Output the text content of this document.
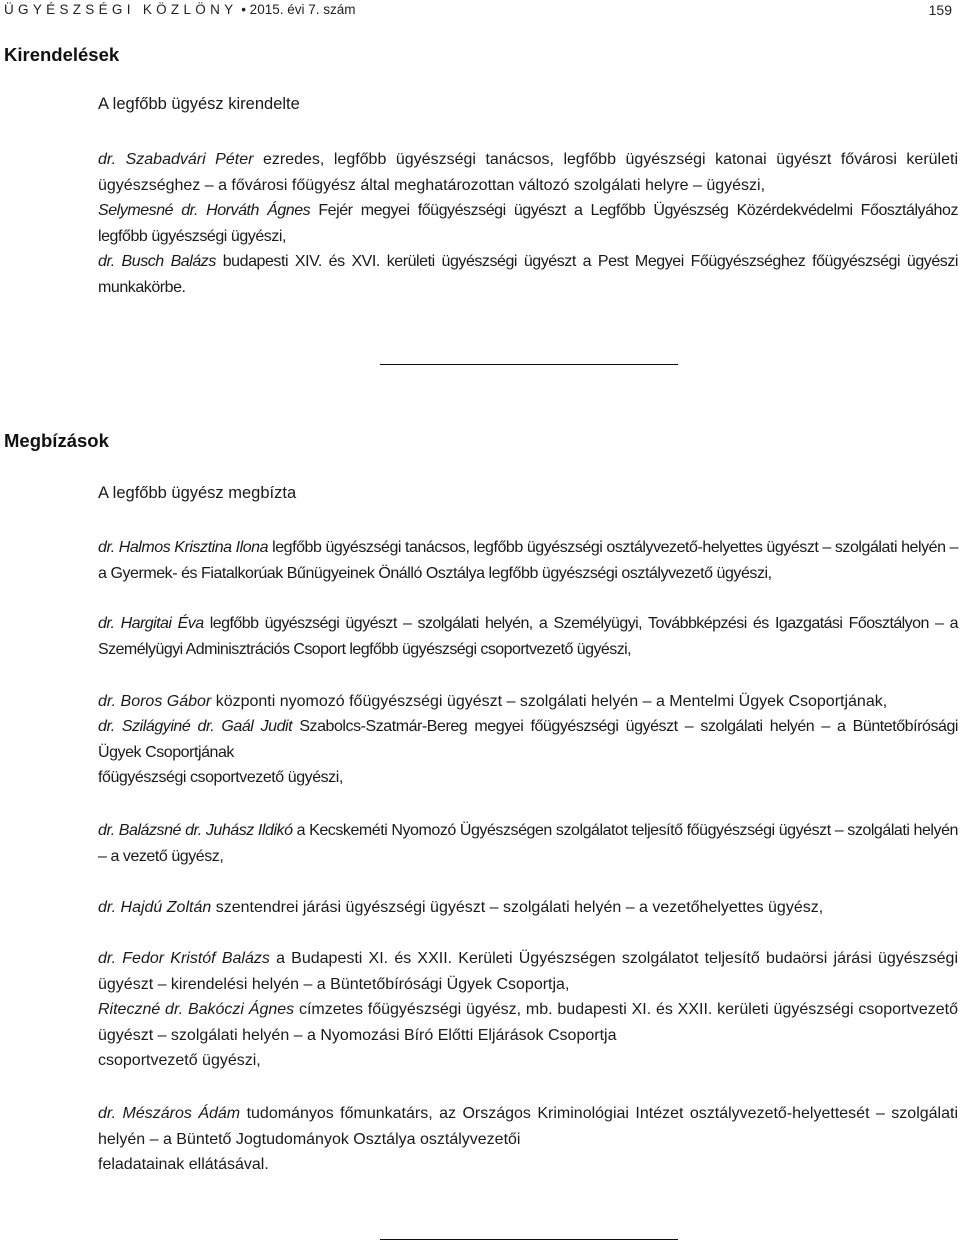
ÜGYÉSZSÉGI KÖZLÖNY • 2015. évi 7. szám	159
Kirendelések
A legfőbb ügyész kirendelte
dr. Szabadvári Péter ezredes, legfőbb ügyészségi tanácsos, legfőbb ügyészségi katonai ügyészt fővárosi kerületi ügyészséghez – a fővárosi főügyész által meghatározottan változó szolgálati helyre – ügyészi,
Selymesné dr. Horváth Ágnes Fejér megyei főügyészségi ügyészt a Legfőbb Ügyészség Közérdekvédelmi Főosztályához legfőbb ügyészségi ügyészi,
dr. Busch Balázs budapesti XIV. és XVI. kerületi ügyészségi ügyészt a Pest Megyei Főügyészséghez főügyészségi ügyészi munkakörbe.
Megbízások
A legfőbb ügyész megbízta
dr. Halmos Krisztina Ilona legfőbb ügyészségi tanácsos, legfőbb ügyészségi osztályvezető-helyettes ügyészt – szolgálati helyén – a Gyermek- és Fiatalkorúak Bűnügyeinek Önálló Osztálya legfőbb ügyészségi osztályvezető ügyészi,
dr. Hargitai Éva legfőbb ügyészségi ügyészt – szolgálati helyén, a Személyügyi, Továbbképzési és Igazgatási Főosztályon – a Személyügyi Adminisztrációs Csoport legfőbb ügyészségi csoportvezető ügyészi,
dr. Boros Gábor központi nyomozó főügyészségi ügyészt – szolgálati helyén – a Mentelmi Ügyek Csoportjának,
dr. Szilágyiné dr. Gaál Judit Szabolcs-Szatmár-Bereg megyei főügyészségi ügyészt – szolgálati helyén – a Büntetőbírósági Ügyek Csoportjának
főügyészségi csoportvezető ügyészi,
dr. Balázsné dr. Juhász Ildikó a Kecskeméti Nyomozó Ügyészségen szolgálatot teljesítő főügyészségi ügyészt – szolgálati helyén – a vezető ügyész,
dr. Hajdú Zoltán szentendrei járási ügyészségi ügyészt – szolgálati helyén – a vezetőhelyettes ügyész,
dr. Fedor Kristóf Balázs a Budapesti XI. és XXII. Kerületi Ügyészségen szolgálatot teljesítő budaörsi járási ügyészségi ügyészt – kirendelési helyén – a Büntetőbírósági Ügyek Csoportja,
Riteczné dr. Bakóczi Ágnes címzetes főügyészségi ügyész, mb. budapesti XI. és XXII. kerületi ügyészségi csoportvezető ügyészt – szolgálati helyén – a Nyomozási Bíró Előtti Eljárások Csoportja
csoportvezető ügyészi,
dr. Mészáros Ádám tudományos főmunkatárs, az Országos Kriminológiai Intézet osztályvezető-helyettesét – szolgálati helyén – a Büntető Jogtudományok Osztálya osztályvezetői
feladatainak ellátásával.
